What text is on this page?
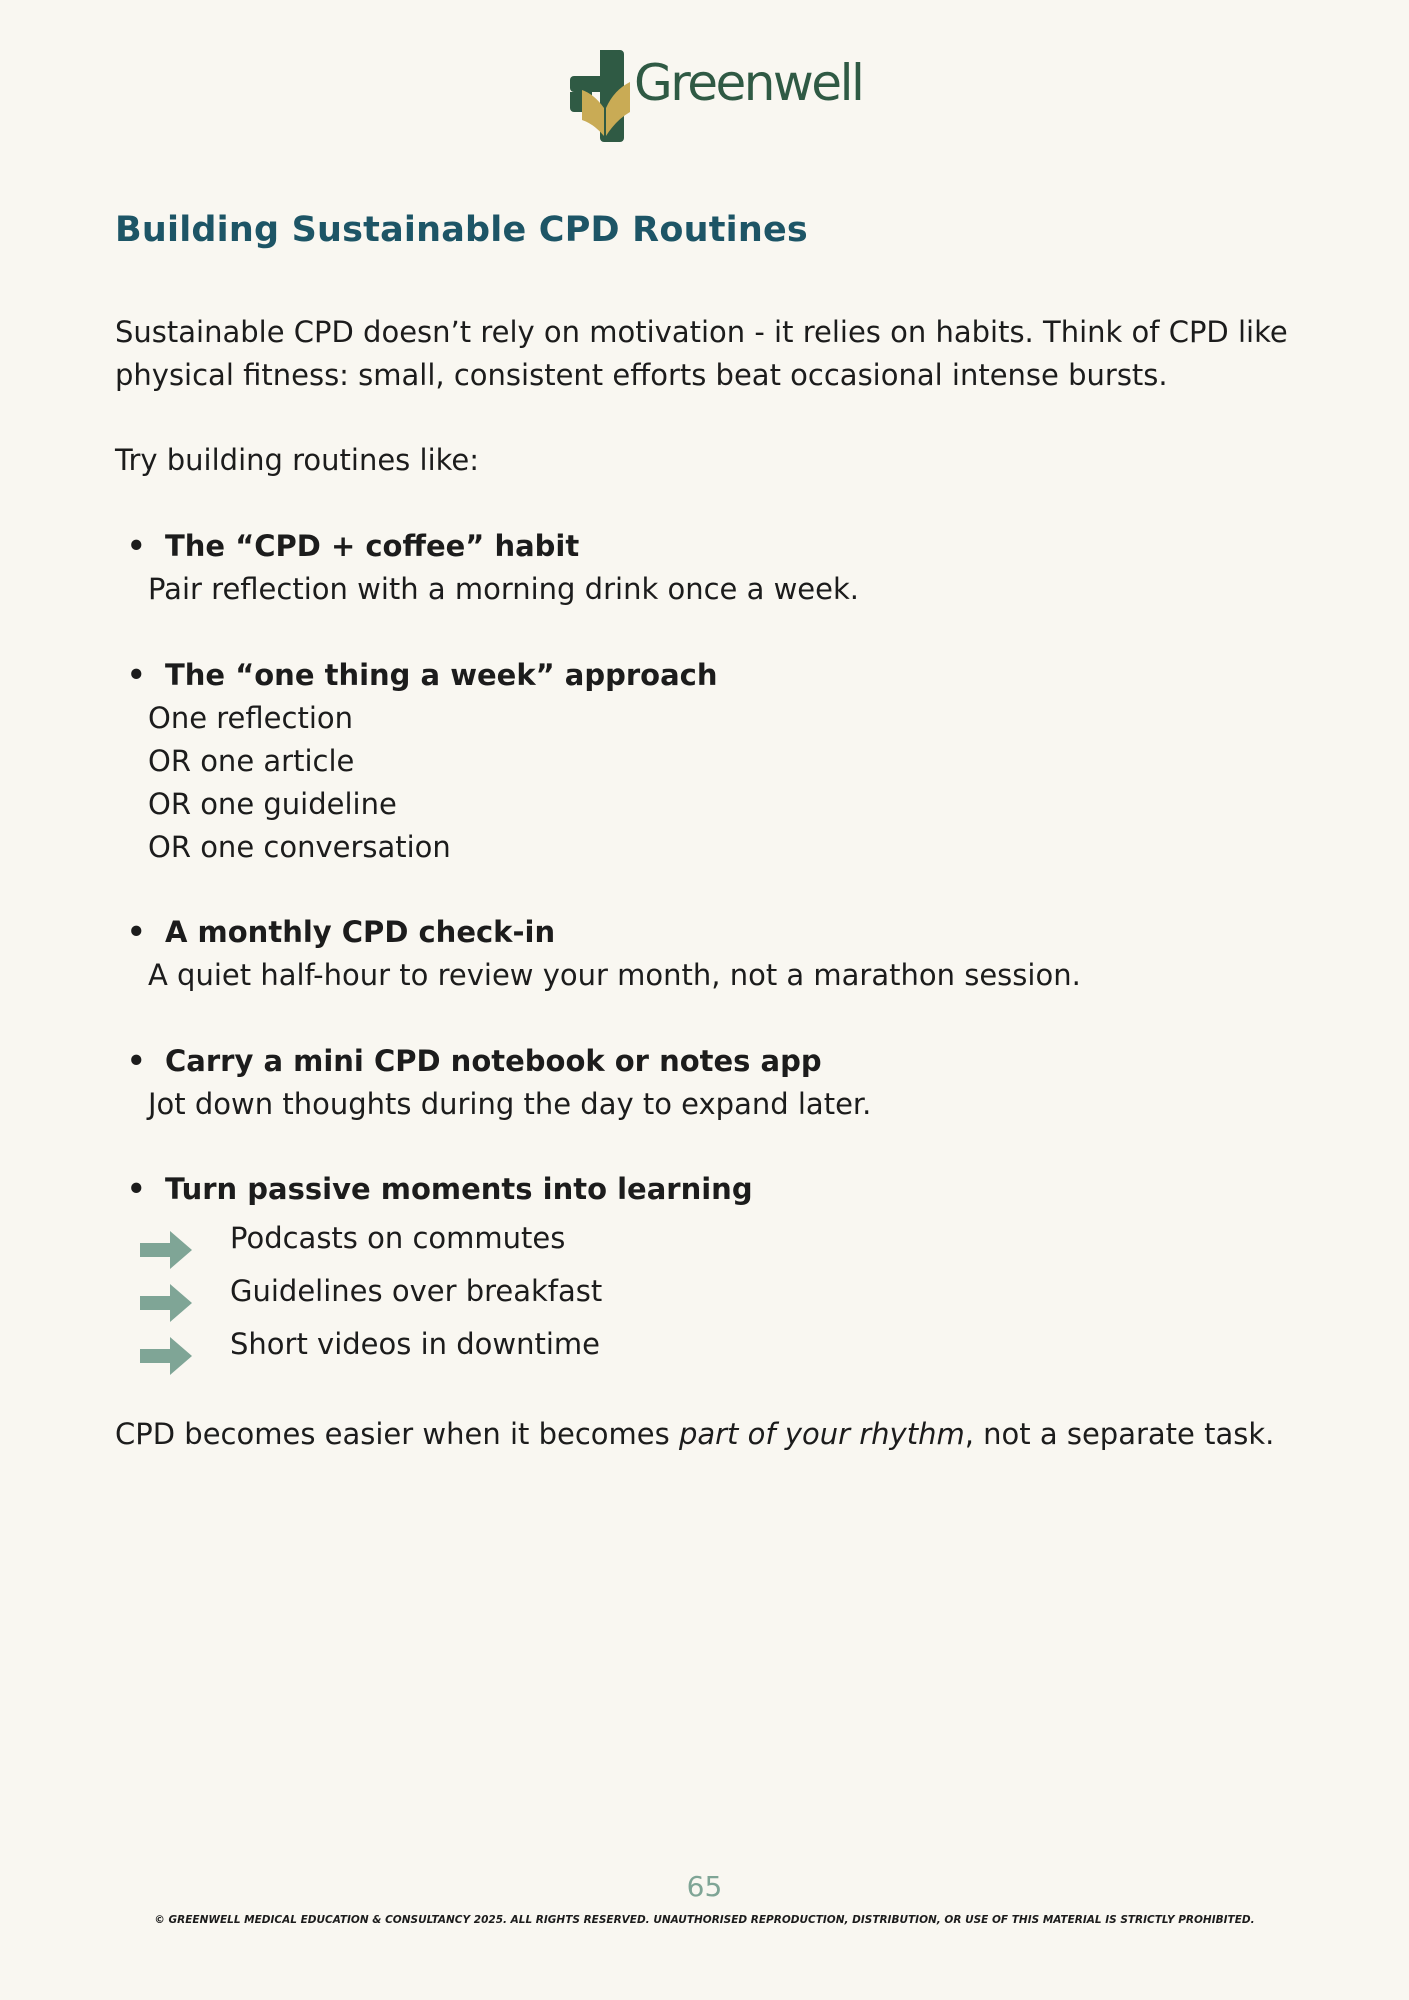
Greenwell
Building Sustainable CPD Routines
Sustainable CPD doesn’t rely on motivation - it relies on habits. Think of CPD like
physical fitness: small, consistent efforts beat occasional intense bursts.
Try building routines like:
• The “CPD + coffee” habit
Pair reflection with a morning drink once a week.
• The “one thing a week” approach
One reflection
OR one article
OR one guideline
OR one conversation
• A monthly CPD check-in
A quiet half-hour to review your month, not a marathon session.
• Carry a mini CPD notebook or notes app
Jot down thoughts during the day to expand later.
• Turn passive moments into learning
Podcasts on commutes
Guidelines over breakfast
Short videos in downtime
CPD becomes easier when it becomes part of your rhythm, not a separate task.
65
© GREENWELL MEDICAL EDUCATION & CONSULTANCY 2025. ALL RIGHTS RESERVED. UNAUTHORISED REPRODUCTION, DISTRIBUTION, OR USE OF THIS MATERIAL IS STRICTLY PROHIBITED.
